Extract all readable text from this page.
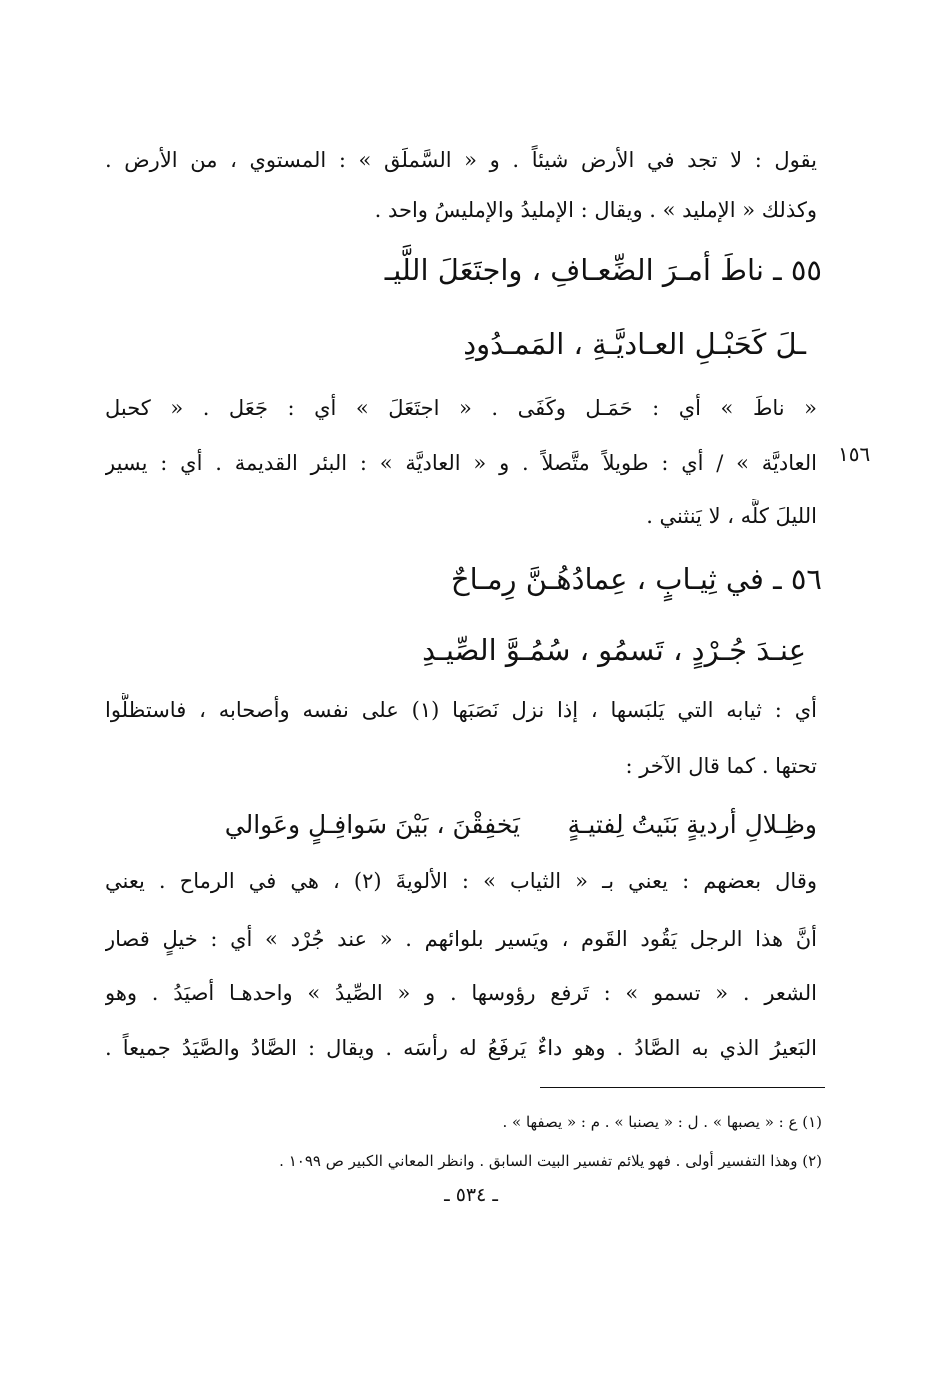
يقول : لا تجد في الأرض شيئاً . و « السَّملَق » : المستوي ، من الأرض .
وكذلك « الإمليد » . ويقال : الإمليدُ والإمليسُ واحد .
٥٥ ـ ناطَ أمـرَ الضِّعـافِ ، واجتَعَلَ اللَّيـ
ـلَ كَحَبْـلِ العـاديَّـةِ ، المَمـدُودِ
« ناطَ » أي : حَمَـل وكَفَى . « اجتَعَلَ » أي : جَعَل . « كحبل
العاديَّة » / أي : طويلاً متَّصلاً . و « العاديَّة » : البئر القديمة . أي : يسير
الليلَ كلَّه ، لا يَنثني .
١٥٦
٥٦ ـ في ثِيـابٍ ، عِمادُهُـنَّ رِمـاحٌ
عِنـدَ جُـرْدٍ ، تَسمُو ، سُمُـوَّ الصِّيـدِ
أي : ثيابه التي يَلبَسها ، إذا نزل نَصَبَها (١) على نفسه وأصحابه ، فاستظلُّوا
تحتها . كما قال الآخر :
وظِـلالِ أرديةٍ بَنَيتُ لِفتيـةٍ      يَخفِقْنَ ، بَيْنَ سَوافِـلٍ وعَوالي
وقال بعضهم : يعني بـ « الثياب » : الألويةَ (٢) ، هي في الرماح . يعني
أنَّ هذا الرجل يَقُود القَوم ، ويَسير بلوائهم . « عند جُرْد » أي : خيلٍ قصار
الشعر . « تسمو » : تَرفع رؤوسها . و « الصِّيدُ » واحدهـا أصيَدُ . وهو
البَعيرُ الذي به الصَّادُ . وهو داءٌ يَرفَعُ له رأسَه . ويقال : الصَّادُ والصَّيَدُ جميعاً .
(١) ع : « يصبها » . ل : « يصنبا » . م : « يصفها » .
(٢) وهذا التفسير أولى . فهو يلائم تفسير البيت السابق . وانظر المعاني الكبير ص ١٠٩٩ .
ـ ٥٣٤ ـ
